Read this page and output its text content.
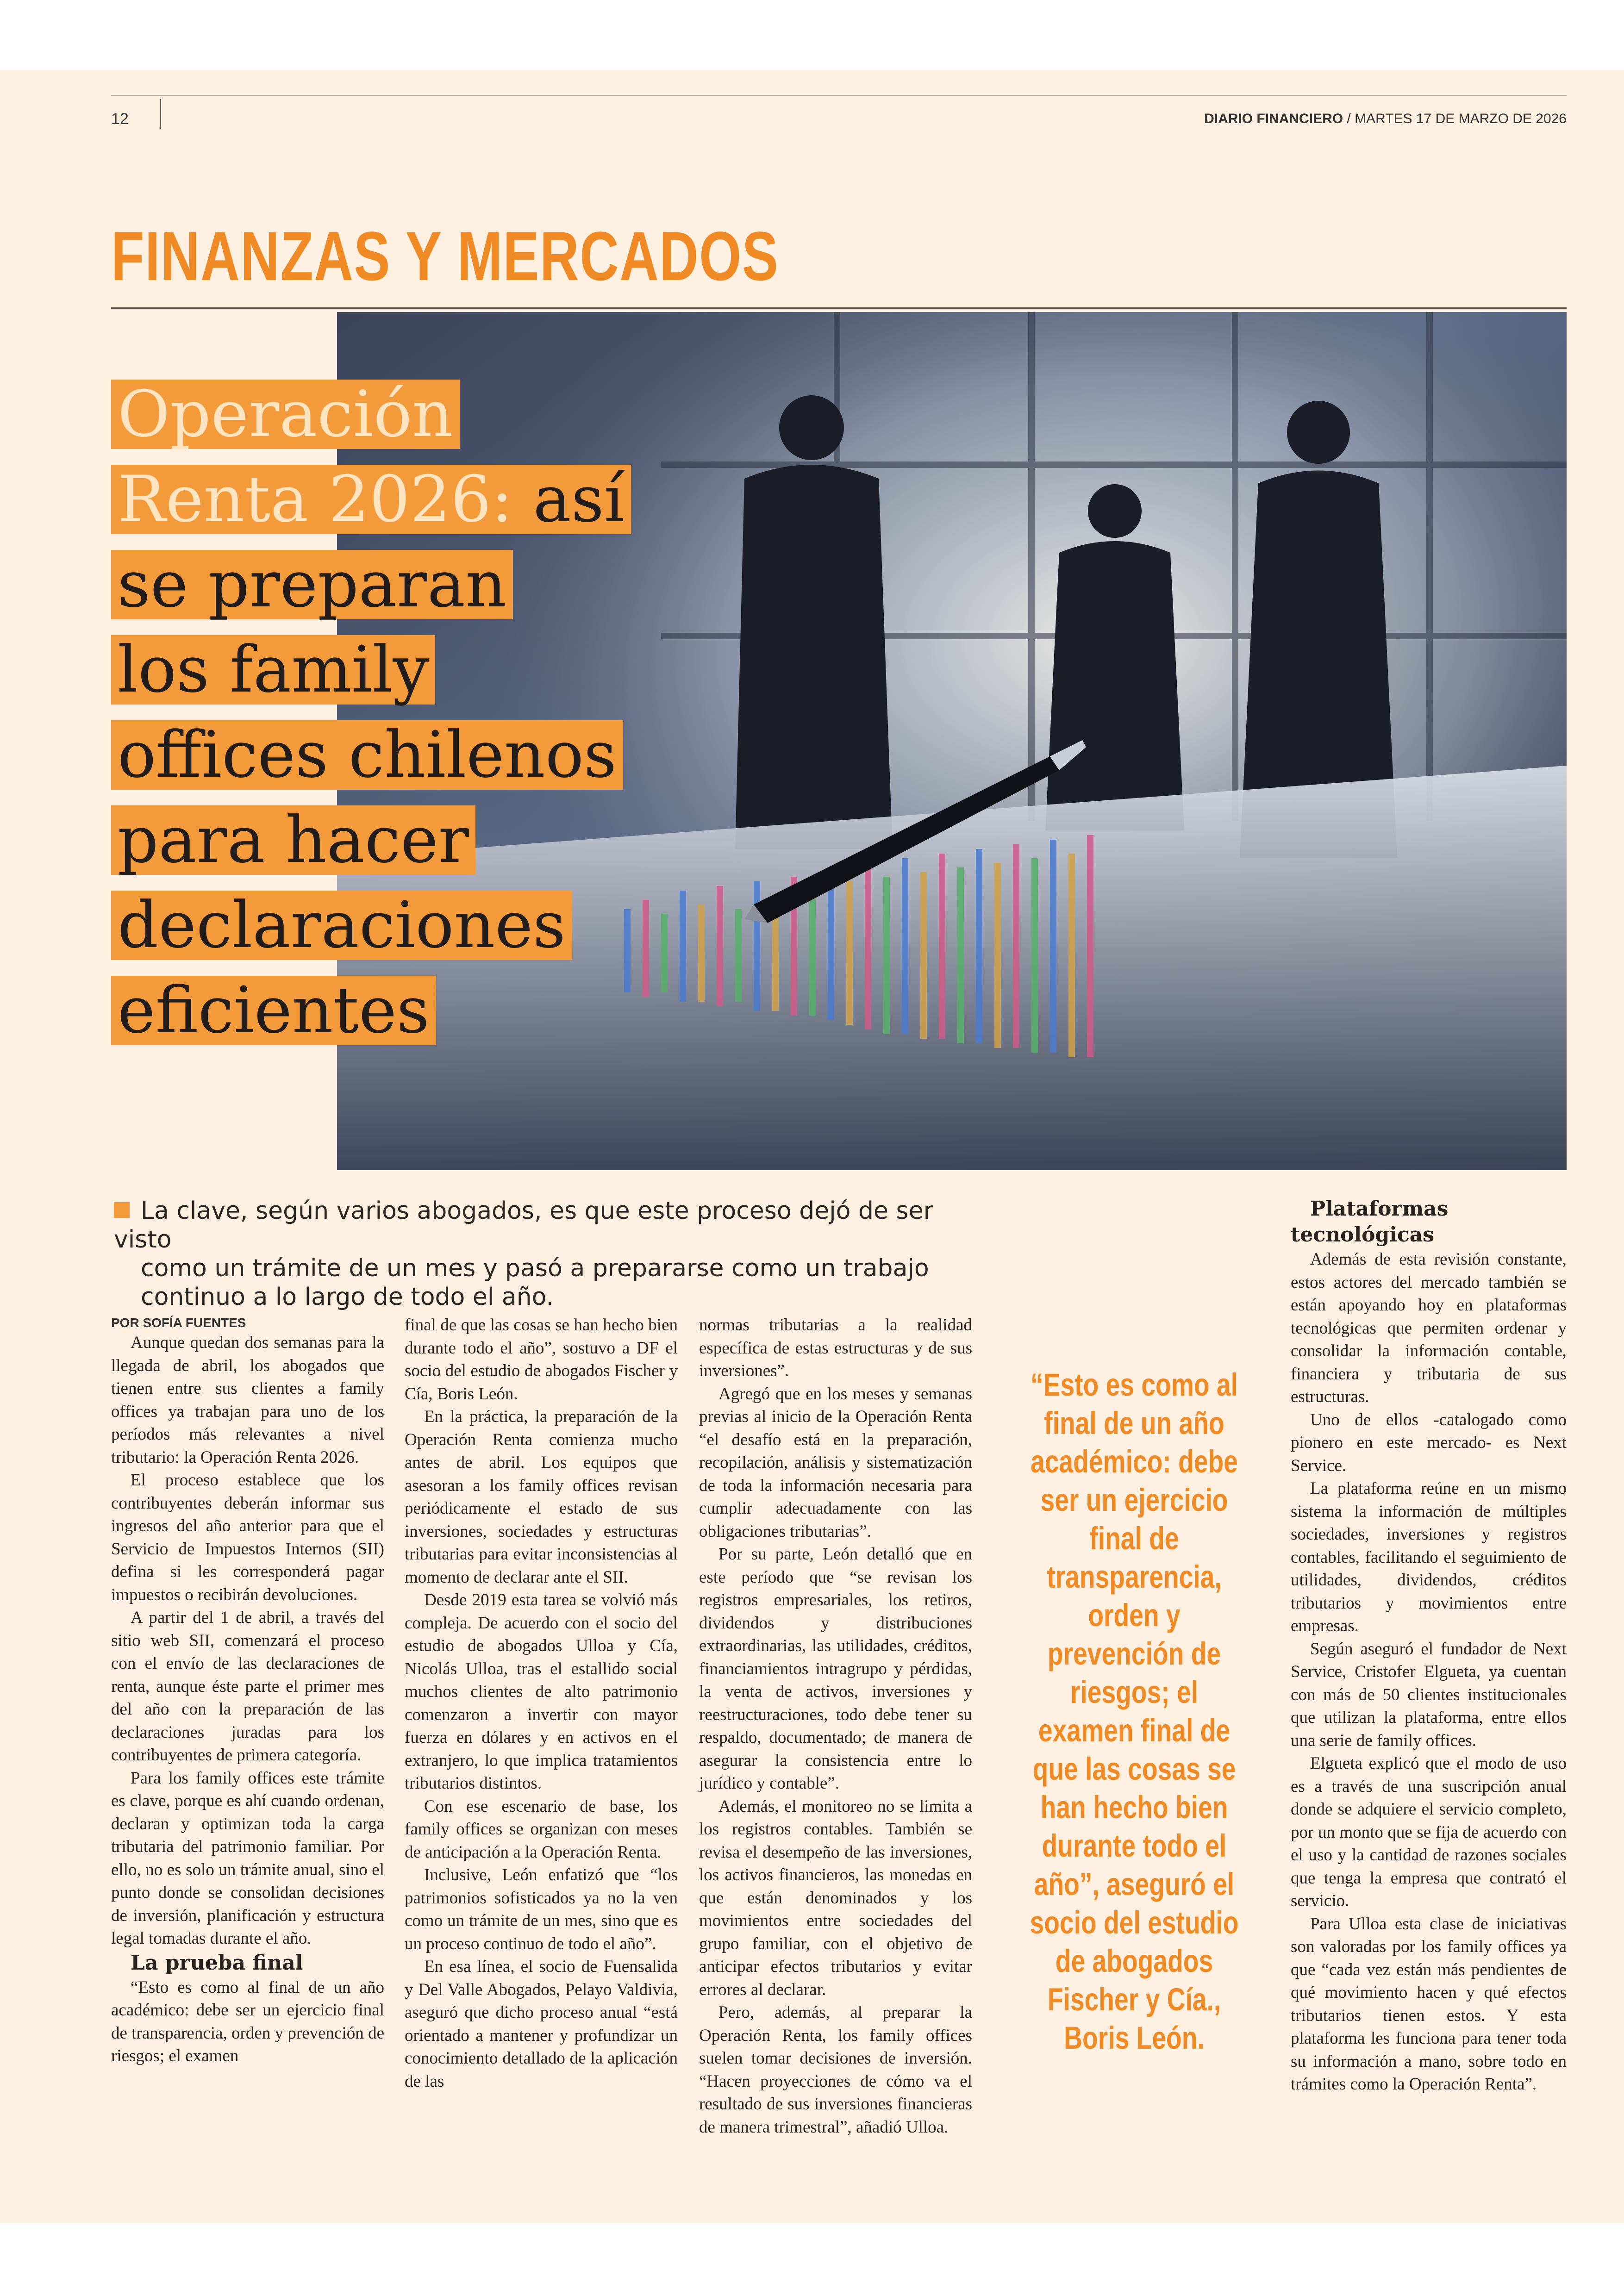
12	DIARIO FINANCIERO / MARTES 17 DE MARZO DE 2026
FINANZAS Y MERCADOS
Operación
Renta 2026: así
se preparan
los family
offices chilenos
para hacer
declaraciones
eficientes
La clave, según varios abogados, es que este proceso dejó de ser visto
como un trámite de un mes y pasó a prepararse como un trabajo
continuo a lo largo de todo el año.

POR SOFÍA FUENTES

Aunque quedan dos semanas para la llegada de abril, los abogados que tienen entre sus clientes a family offices ya trabajan para uno de los períodos más relevantes a nivel tributario: la Operación Renta 2026.

El proceso establece que los contribuyentes deberán informar sus ingresos del año anterior para que el Servicio de Impuestos Internos (SII) defina si les corresponderá pagar impuestos o recibirán devoluciones.

A partir del 1 de abril, a través del sitio web SII, comenzará el proceso con el envío de las declaraciones de renta, aunque éste parte el primer mes del año con la preparación de las declaraciones juradas para los contribuyentes de primera categoría.

Para los family offices este trámite es clave, porque es ahí cuando ordenan, declaran y optimizan toda la carga tributaria del patrimonio familiar. Por ello, no es solo un trámite anual, sino el punto donde se consolidan decisiones de inversión, planificación y estructura legal tomadas durante el año.

La prueba final

“Esto es como al final de un año académico: debe ser un ejercicio final de transparencia, orden y prevención de riesgos; el examen

final de que las cosas se han hecho bien durante todo el año”, sostuvo a DF el socio del estudio de abogados Fischer y Cía, Boris León.

En la práctica, la preparación de la Operación Renta comienza mucho antes de abril. Los equipos que asesoran a los family offices revisan periódicamente el estado de sus inversiones, sociedades y estructuras tributarias para evitar inconsistencias al momento de declarar ante el SII.

Desde 2019 esta tarea se volvió más compleja. De acuerdo con el socio del estudio de abogados Ulloa y Cía, Nicolás Ulloa, tras el estallido social muchos clientes de alto patrimonio comenzaron a invertir con mayor fuerza en dólares y en activos en el extranjero, lo que implica tratamientos tributarios distintos.

Con ese escenario de base, los family offices se organizan con meses de anticipación a la Operación Renta.

Inclusive, León enfatizó que “los patrimonios sofisticados ya no la ven como un trámite de un mes, sino que es un proceso continuo de todo el año”.

En esa línea, el socio de Fuensalida y Del Valle Abogados, Pelayo Valdivia, aseguró que dicho proceso anual “está orientado a mantener y profundizar un conocimiento detallado de la aplicación de las

normas tributarias a la realidad específica de estas estructuras y de sus inversiones”.

Agregó que en los meses y semanas previas al inicio de la Operación Renta “el desafío está en la preparación, recopilación, análisis y sistematización de toda la información necesaria para cumplir adecuadamente con las obligaciones tributarias”.

Por su parte, León detalló que en este período que “se revisan los registros empresariales, los retiros, dividendos y distribuciones extraordinarias, las utilidades, créditos, financiamientos intragrupo y pérdidas, la venta de activos, inversiones y reestructuraciones, todo debe tener su respaldo, documentado; de manera de asegurar la consistencia entre lo jurídico y contable”.

Además, el monitoreo no se limita a los registros contables. También se revisa el desempeño de las inversiones, los activos financieros, las monedas en que están denominados y los movimientos entre sociedades del grupo familiar, con el objetivo de anticipar efectos tributarios y evitar errores al declarar.

Pero, además, al preparar la Operación Renta, los family offices suelen tomar decisiones de inversión. “Hacen proyecciones de cómo va el resultado de sus inversiones financieras de manera trimestral”, añadió Ulloa.

“Esto es como al final de un año académico: debe ser un ejercicio final de transparencia, orden y prevención de riesgos; el examen final de que las cosas se han hecho bien durante todo el año”, aseguró el socio del estudio de abogados Fischer y Cía., Boris León.

Plataformas tecnológicas

Además de esta revisión constante, estos actores del mercado también se están apoyando hoy en plataformas tecnológicas que permiten ordenar y consolidar la información contable, financiera y tributaria de sus estructuras.

Uno de ellos -catalogado como pionero en este mercado- es Next Service.

La plataforma reúne en un mismo sistema la información de múltiples sociedades, inversiones y registros contables, facilitando el seguimiento de utilidades, dividendos, créditos tributarios y movimientos entre empresas.

Según aseguró el fundador de Next Service, Cristofer Elgueta, ya cuentan con más de 50 clientes institucionales que utilizan la plataforma, entre ellos una serie de family offices.

Elgueta explicó que el modo de uso es a través de una suscripción anual donde se adquiere el servicio completo, por un monto que se fija de acuerdo con el uso y la cantidad de razones sociales que tenga la empresa que contrató el servicio.

Para Ulloa esta clase de iniciativas son valoradas por los family offices ya que “cada vez están más pendientes de qué movimiento hacen y qué efectos tributarios tienen estos. Y esta plataforma les funciona para tener toda su información a mano, sobre todo en trámites como la Operación Renta”.
